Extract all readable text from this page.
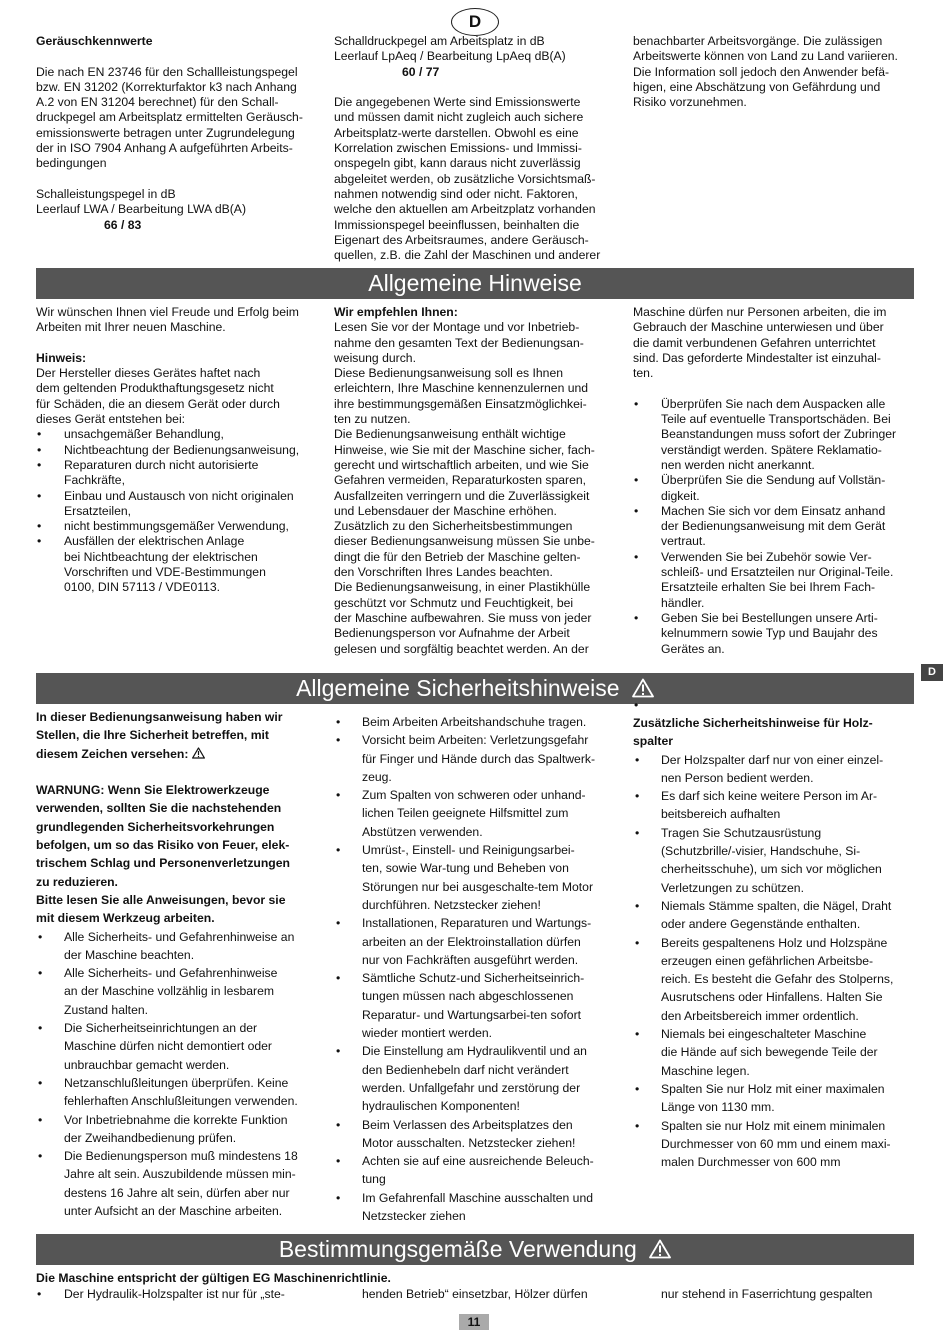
D

Geräuschkennwerte

Die nach EN 23746 für den Schallleistungspegel
bzw. EN 31202 (Korrekturfaktor k3 nach Anhang
A.2 von EN 31204 berechnet) für den Schall-
druckpegel am Arbeitsplatz ermittelten Geräusch-
emissionswerte betragen unter Zugrundelegung
der in ISO 7904 Anhang A aufgeführten Arbeits-
bedingungen
Schalleistungspegel in dB
Leerlauf LWA / Bearbeitung LWA dB(A)

66 / 83

Schalldruckpegel am Arbeitsplatz in dB
Leerlauf LpAeq / Bearbeitung LpAeq dB(A)

60 / 77

Die angegebenen Werte sind Emissionswerte
und müssen damit nicht zugleich auch sichere
Arbeitsplatz-werte darstellen. Obwohl es eine
Korrelation zwischen Emissions- und Immissi-
onspegeln gibt, kann daraus nicht zuverlässig
abgeleitet werden, ob zusätzliche Vorsichtsmaß-
nahmen notwendig sind oder nicht. Faktoren,
welche den aktuellen am Arbeitzplatz vorhanden
Immissionspegel beeinflussen, beinhalten die
Eigenart des Arbeitsraumes, andere Geräusch-
quellen, z.B. die Zahl der Maschinen und anderer
benachbarter Arbeitsvorgänge. Die zulässigen
Arbeitswerte können von Land zu Land variieren.
Die Information soll jedoch den Anwender befä-
higen, eine Abschätzung von Gefährdung und
Risiko vorzunehmen.
Allgemeine Hinweise
Wir wünschen Ihnen viel Freude und Erfolg beim
Arbeiten mit Ihrer neuen Maschine.

Hinweis:

Der Hersteller dieses Gerätes haftet nach
dem geltenden Produkthaftungsgesetz nicht
für Schäden, die an diesem Gerät oder durch
dieses Gerät entstehen bei:
• unsachgemäßer Behandlung,
• Nichtbeachtung der Bedienungsanweisung,
• Reparaturen durch nicht autorisierte
Fachkräfte,
• Einbau und Austausch von nicht originalen
Ersatzteilen,
• nicht bestimmungsgemäßer Verwendung,
• Ausfällen der elektrischen Anlage
bei Nichtbeachtung der elektrischen
Vorschriften und VDE-Bestimmungen
0100, DIN 57113 / VDE0113.

Wir empfehlen Ihnen:

Lesen Sie vor der Montage und vor Inbetrieb-
nahme den gesamten Text der Bedienungsan-
weisung durch.
Diese Bedienungsanweisung soll es Ihnen
erleichtern, Ihre Maschine kennenzulernen und
ihre bestimmungsgemäßen Einsatzmöglichkei-
ten zu nutzen.
Die Bedienungsanweisung enthält wichtige
Hinweise, wie Sie mit der Maschine sicher, fach-
gerecht und wirtschaftlich arbeiten, und wie Sie
Gefahren vermeiden, Reparaturkosten sparen,
Ausfallzeiten verringern und die Zuverlässigkeit
und Lebensdauer der Maschine erhöhen.
Zusätzlich zu den Sicherheitsbestimmungen
dieser Bedienungsanweisung müssen Sie unbe-
dingt die für den Betrieb der Maschine gelten-
den Vorschriften Ihres Landes beachten.
Die Bedienungsanweisung, in einer Plastikhülle
geschützt vor Schmutz und Feuchtigkeit, bei
der Maschine aufbewahren. Sie muss von jeder
Bedienungsperson vor Aufnahme der Arbeit
gelesen und sorgfältig beachtet werden. An der
Maschine dürfen nur Personen arbeiten, die im
Gebrauch der Maschine unterwiesen und über
die damit verbundenen Gefahren unterrichtet
sind. Das geforderte Mindestalter ist einzuhal-
ten.
• Überprüfen Sie nach dem Auspacken alle
Teile auf eventuelle Transportschäden. Bei
Beanstandungen muss sofort der Zubringer
verständigt werden. Spätere Reklamatio-
nen werden nicht anerkannt.
• Überprüfen Sie die Sendung auf Vollstän-
digkeit.
• Machen Sie sich vor dem Einsatz anhand
der Bedienungsanweisung mit dem Gerät
vertraut.
• Verwenden Sie bei Zubehör sowie Ver-
schleiß- und Ersatzteilen nur Original-Teile.
Ersatzteile erhalten Sie bei Ihrem Fach-
händler.
• Geben Sie bei Bestellungen unsere Arti-
kelnummern sowie Typ und Baujahr des
Gerätes an.
D
Allgemeine Sicherheitshinweise
In dieser Bedienungsanweisung haben wir
Stellen, die Ihre Sicherheit betreffen, mit
diesem Zeichen versehen:
WARNUNG: Wenn Sie Elektrowerkzeuge
verwenden, sollten Sie die nachstehenden
grundlegenden Sicherheitsvorkehrungen
befolgen, um so das Risiko von Feuer, elek-
trischem Schlag und Personenverletzungen
zu reduzieren.
Bitte lesen Sie alle Anweisungen, bevor sie
mit diesem Werkzeug arbeiten.
• Alle Sicherheits- und Gefahrenhinweise an
der Maschine beachten.
• Alle Sicherheits- und Gefahrenhinweise
an der Maschine vollzählig in lesbarem
Zustand halten.
• Die Sicherheitseinrichtungen an der
Maschine dürfen nicht demontiert oder
unbrauchbar gemacht werden.
• Netzanschlußleitungen überprüfen. Keine
fehlerhaften Anschlußleitungen verwenden.
• Vor Inbetriebnahme die korrekte Funktion
der Zweihandbedienung prüfen.
• Die Bedienungsperson muß mindestens 18
Jahre alt sein. Auszubildende müssen min-
destens 16 Jahre alt sein, dürfen aber nur
unter Aufsicht an der Maschine arbeiten.
• Beim Arbeiten Arbeitshandschuhe tragen.
• Vorsicht beim Arbeiten: Verletzungsgefahr
für Finger und Hände durch das Spaltwerk-
zeug.
• Zum Spalten von schweren oder unhand-
lichen Teilen geeignete Hilfsmittel zum
Abstützen verwenden.
• Umrüst-, Einstell- und Reinigungsarbei-
ten, sowie War-tung und Beheben von
Störungen nur bei ausgeschalte-tem Motor
durchführen. Netzstecker ziehen!
• Installationen, Reparaturen und Wartungs-
arbeiten an der Elektroinstallation dürfen
nur von Fachkräften ausgeführt werden.
• Sämtliche Schutz-und Sicherheitseinrich-
tungen müssen nach abgeschlossenen
Reparatur- und Wartungsarbei-ten sofort
wieder montiert werden.
• Die Einstellung am Hydraulikventil und an
den Bedienhebeln darf nicht verändert
werden. Unfallgefahr und zerstörung der
hydraulischen Komponenten!
• Beim Verlassen des Arbeitsplatzes den
Motor ausschalten. Netzstecker ziehen!
• Achten sie auf eine ausreichende Beleuch-
tung
• Im Gefahrenfall Maschine ausschalten und
Netzstecker ziehen
•
Zusätzliche Sicherheitshinweise für Holz-
spalter
• Der Holzspalter darf nur von einer einzel-
nen Person bedient werden.
• Es darf sich keine weitere Person im Ar-
beitsbereich aufhalten
• Tragen Sie Schutzausrüstung
(Schutzbrille/-visier, Handschuhe, Si-
cherheitsschuhe), um sich vor möglichen
Verletzungen zu schützen.
• Niemals Stämme spalten, die Nägel, Draht
oder andere Gegenstände enthalten.
• Bereits gespaltenens Holz und Holzspäne
erzeugen einen gefährlichen Arbeitsbe-
reich. Es besteht die Gefahr des Stolperns,
Ausrutschens oder Hinfallens. Halten Sie
den Arbeitsbereich immer ordentlich.
• Niemals bei eingeschalteter Maschine
die Hände auf sich bewegende Teile der
Maschine legen.
• Spalten Sie nur Holz mit einer maximalen
Länge von 1130 mm.
• Spalten sie nur Holz mit einem minimalen
Durchmesser von 60 mm und einem maxi-
malen Durchmesser von 600 mm
Bestimmungsgemäße Verwendung

Die Maschine entspricht der gültigen EG Maschinenrichtlinie.

• Der Hydraulik-Holzspalter ist nur für „ste-	henden Betrieb“ einsetzbar, Hölzer dürfen	nur stehend in Faserrichtung gespalten

11
